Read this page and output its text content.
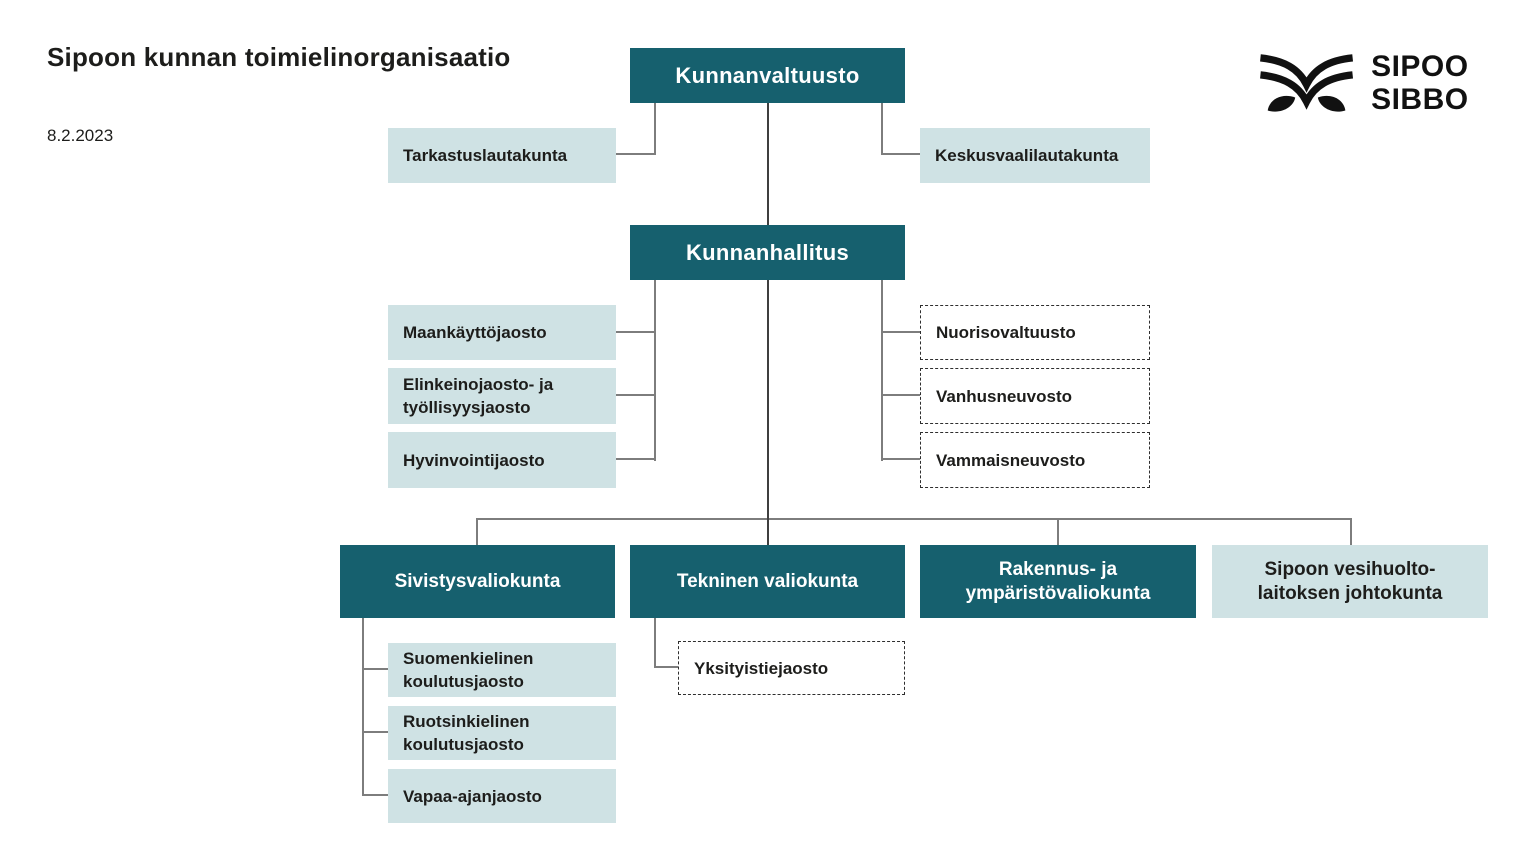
Sipoon kunnan toimielinorganisaatio
8.2.2023
SIPOO SIBBO
Kunnanvaltuusto
Tarkastuslautakunta	Keskusvaalilautakunta
Kunnanhallitus
Maankäyttöjaosto
Elinkeinojaosto- ja
työllisyysjaosto
Hyvinvointijaosto
Nuorisovaltuusto
Vanhusneuvosto
Vammaisneuvosto
Sivistysvaliokunta	Tekninen valiokunta
Rakennus- ja
ympäristövaliokunta
Sipoon vesihuolto-
laitoksen johtokunta
Suomenkielinen
koulutusjaosto
Ruotsinkielinen
koulutusjaosto
Vapaa-ajanjaosto
Yksityistiejaosto
